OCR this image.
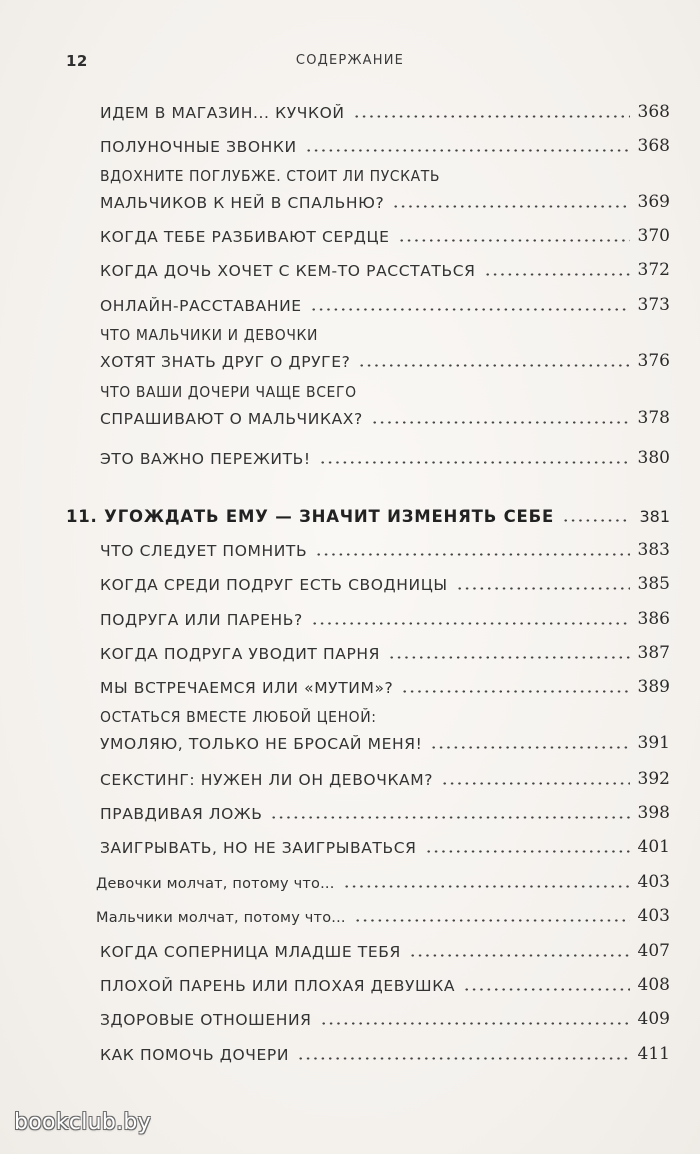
12	СОДЕРЖАНИЕ
ИДЕМ В МАГАЗИН... КУЧКОЙ	368
ПОЛУНОЧНЫЕ ЗВОНКИ	368
ВДОХНИТЕ ПОГЛУБЖЕ. СТОИТ ЛИ ПУСКАТЬ
МАЛЬЧИКОВ К НЕЙ В СПАЛЬНЮ?	369
КОГДА ТЕБЕ РАЗБИВАЮТ СЕРДЦЕ	370
КОГДА ДОЧЬ ХОЧЕТ С КЕМ-ТО РАССТАТЬСЯ	372
ОНЛАЙН-РАССТАВАНИЕ	373
ЧТО МАЛЬЧИКИ И ДЕВОЧКИ
ХОТЯТ ЗНАТЬ ДРУГ О ДРУГЕ?	376
ЧТО ВАШИ ДОЧЕРИ ЧАЩЕ ВСЕГО
СПРАШИВАЮТ О МАЛЬЧИКАХ?	378
ЭТО ВАЖНО ПЕРЕЖИТЬ!	380
11. УГОЖДАТЬ ЕМУ — ЗНАЧИТ ИЗМЕНЯТЬ СЕБЕ	381
ЧТО СЛЕДУЕТ ПОМНИТЬ	383
КОГДА СРЕДИ ПОДРУГ ЕСТЬ СВОДНИЦЫ	385
ПОДРУГА ИЛИ ПАРЕНЬ?	386
КОГДА ПОДРУГА УВОДИТ ПАРНЯ	387
МЫ ВСТРЕЧАЕМСЯ ИЛИ «МУТИМ»?	389
ОСТАТЬСЯ ВМЕСТЕ ЛЮБОЙ ЦЕНОЙ:
УМОЛЯЮ, ТОЛЬКО НЕ БРОСАЙ МЕНЯ!	391
СЕКСТИНГ: НУЖЕН ЛИ ОН ДЕВОЧКАМ?	392
ПРАВДИВАЯ ЛОЖЬ	398
ЗАИГРЫВАТЬ, НО НЕ ЗАИГРЫВАТЬСЯ	401
Девочки молчат, потому что...	403
Мальчики молчат, потому что...	403
КОГДА СОПЕРНИЦА МЛАДШЕ ТЕБЯ	407
ПЛОХОЙ ПАРЕНЬ ИЛИ ПЛОХАЯ ДЕВУШКА	408
ЗДОРОВЫЕ ОТНОШЕНИЯ	409
КАК ПОМОЧЬ ДОЧЕРИ	411
bookclub.by
